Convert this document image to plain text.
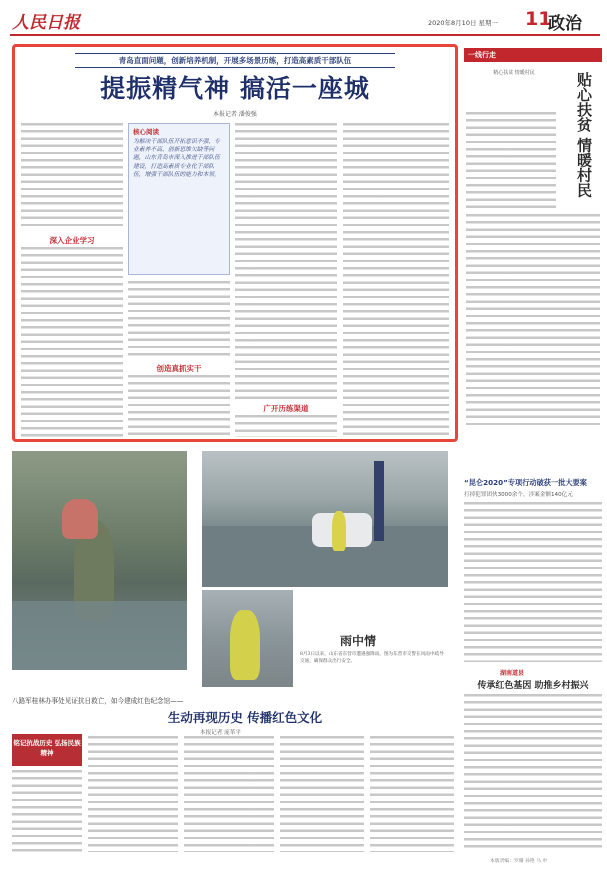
人民日报	2020年8月10日 星期一 11
政治
青岛直面问题，创新培养机制，开展多场景历练，打造高素质干部队伍
提振精气神 搞活一座城
本报记者 潘俊强
深入企业学习
核心阅读
为解决干部队伍开拓意识不强、专业素养不高、创新思维欠缺等问题，山东青岛市深入推进干部队伍建设，打造高素质专业化干部队伍，增强干部队伍的能力和本领。
创造真抓实干
广开历练渠道
一线行走
精心扶贫 情暖村民	贴心扶贫 情暖村民
雨中情
8月3日以来，山东省东营市遭遇强降雨。图为东营市交警在风雨中疏导交通，确保群众出行安全。
“昆仑2020”专项行动破获一批大要案
打掉犯罪团伙3000余个，涉案金额140亿元
湖南道县
传承红色基因 助推乡村振兴
八路军桂林办事处见证抗日救亡，如今建成红色纪念馆——
生动再现历史 传播红色文化
本报记者 庞革平
铭记抗战历史 弘扬民族精神
本版责编：罗珊 孙艳 马 申
